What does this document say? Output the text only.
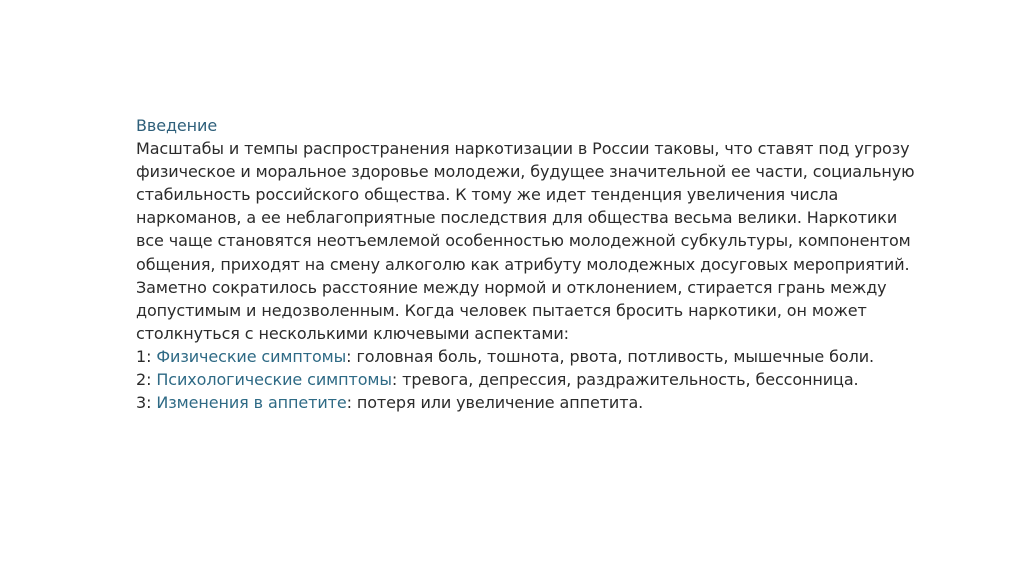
Введение

Масштабы и темпы распространения наркотизации в России таковы, что ставят под угрозу физическое и моральное здоровье молодежи, будущее значительной ее части, социальную стабильность российского общества. К тому же идет тенденция увеличения числа наркоманов, а ее неблагоприятные последствия для общества весьма велики. Наркотики все чаще становятся неотъемлемой особенностью молодежной субкультуры, компонентом общения, приходят на смену алкоголю как атрибуту молодежных досуговых мероприятий. Заметно сократилось расстояние между нормой и отклонением, стирается грань между допустимым и недозволенным. Когда человек пытается бросить наркотики, он может столкнуться с несколькими ключевыми аспектами:

1: Физические симптомы: головная боль, тошнота, рвота, потливость, мышечные боли.

2: Психологические симптомы: тревога, депрессия, раздражительность, бессонница.

3: Изменения в аппетите: потеря или увеличение аппетита.
